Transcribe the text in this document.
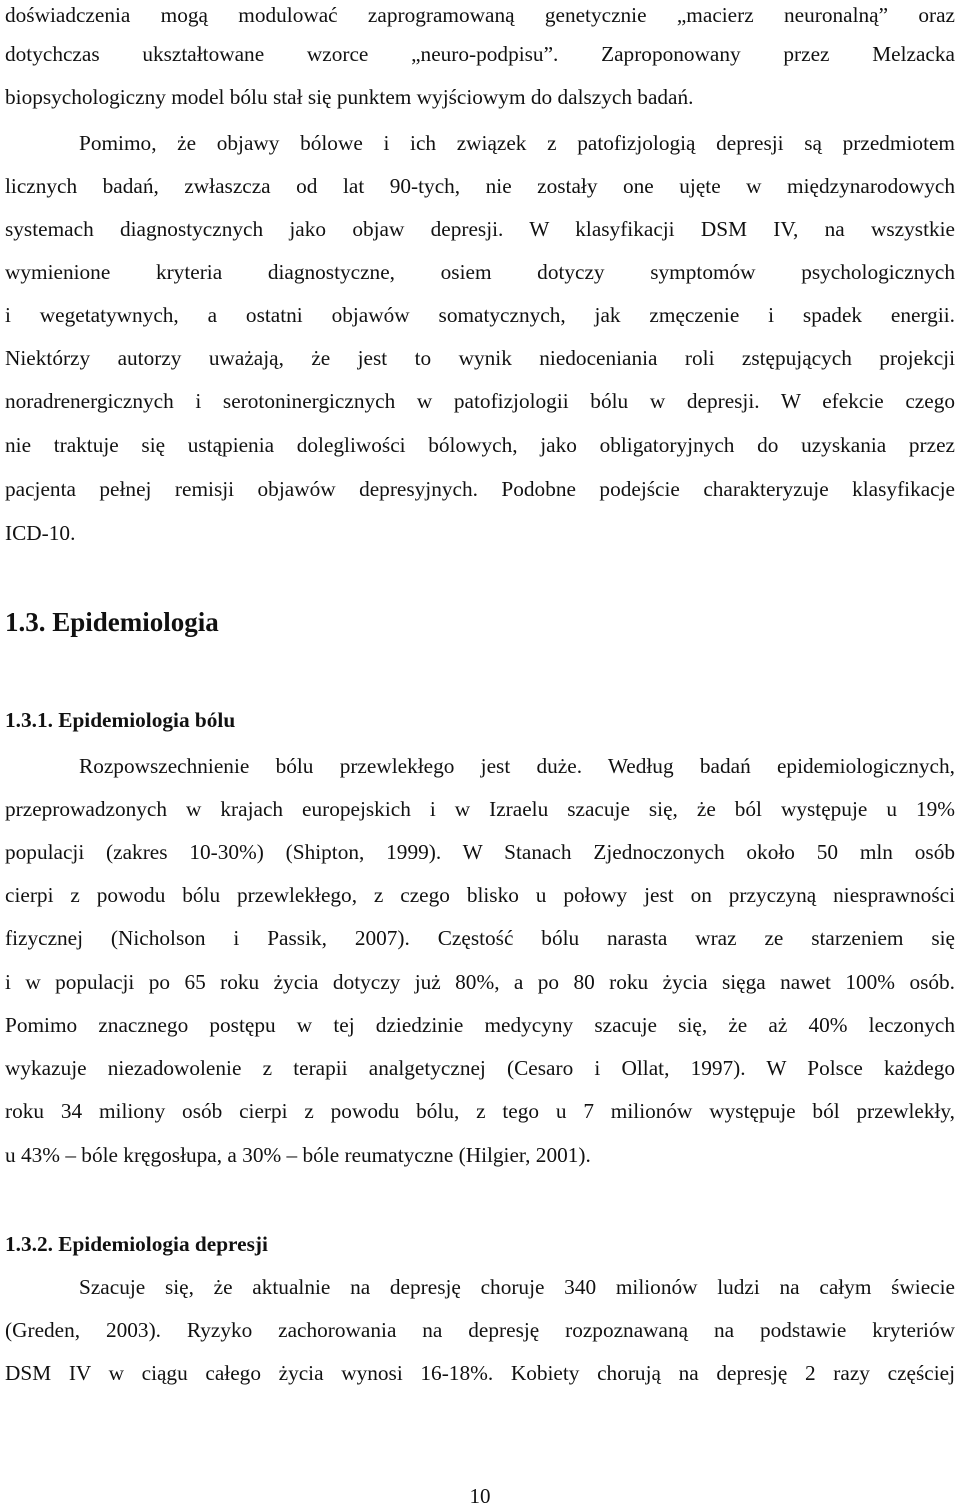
doświadczenia mogą modulować zaprogramowaną genetycznie „macierz neuronalną” oraz

dotychczas ukształtowane wzorce „neuro-podpisu”. Zaproponowany przez Melzacka

biopsychologiczny model bólu stał się punktem wyjściowym do dalszych badań.

Pomimo, że objawy bólowe i ich związek z patofizjologią depresji są przedmiotem

licznych badań, zwłaszcza od lat 90-tych, nie zostały one ujęte w międzynarodowych

systemach diagnostycznych jako objaw depresji. W klasyfikacji DSM IV, na wszystkie

wymienione kryteria diagnostyczne, osiem dotyczy symptomów psychologicznych

i wegetatywnych, a ostatni objawów somatycznych, jak zmęczenie i spadek energii.

Niektórzy autorzy uważają, że jest to wynik niedoceniania roli zstępujących projekcji

noradrenergicznych i serotoninergicznych w patofizjologii bólu w depresji. W efekcie czego

nie traktuje się ustąpienia dolegliwości bólowych, jako obligatoryjnych do uzyskania przez

pacjenta pełnej remisji objawów depresyjnych. Podobne podejście charakteryzuje klasyfikacje

ICD-10.

1.3. Epidemiologia
1.3.1. Epidemiologia bólu

Rozpowszechnienie bólu przewlekłego jest duże. Według badań epidemiologicznych,

przeprowadzonych w krajach europejskich i w Izraelu szacuje się, że ból występuje u 19%

populacji (zakres 10-30%) (Shipton, 1999). W Stanach Zjednoczonych około 50 mln osób

cierpi z powodu bólu przewlekłego, z czego blisko u połowy jest on przyczyną niesprawności

fizycznej (Nicholson i Passik, 2007). Częstość bólu narasta wraz ze starzeniem się

i w populacji po 65 roku życia dotyczy już 80%, a po 80 roku życia sięga nawet 100% osób.

Pomimo znacznego postępu w tej dziedzinie medycyny szacuje się, że aż 40% leczonych

wykazuje niezadowolenie z terapii analgetycznej (Cesaro i Ollat, 1997). W Polsce każdego

roku 34 miliony osób cierpi z powodu bólu, z tego u 7 milionów występuje ból przewlekły,

u 43% – bóle kręgosłupa, a 30% – bóle reumatyczne (Hilgier, 2001).

1.3.2. Epidemiologia depresji

Szacuje się, że aktualnie na depresję choruje 340 milionów ludzi na całym świecie

(Greden, 2003). Ryzyko zachorowania na depresję rozpoznawaną na podstawie kryteriów

DSM IV w ciągu całego życia wynosi 16-18%. Kobiety chorują na depresję 2 razy częściej

10
